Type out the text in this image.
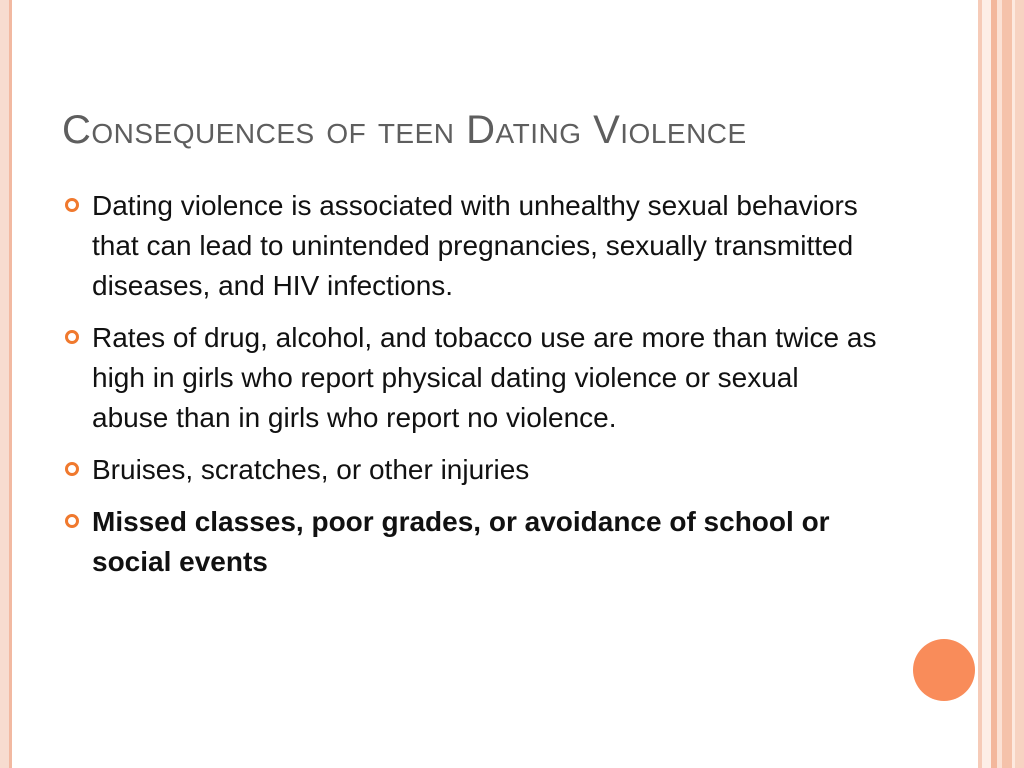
Consequences of teen Dating Violence
Dating violence is associated with unhealthy sexual behaviors that can lead to unintended pregnancies, sexually transmitted diseases, and HIV infections.
Rates of drug, alcohol, and tobacco use are more than twice as high in girls who report physical dating violence or sexual abuse than in girls who report no violence.
Bruises, scratches, or other injuries
Missed classes, poor grades, or avoidance of school or social events
